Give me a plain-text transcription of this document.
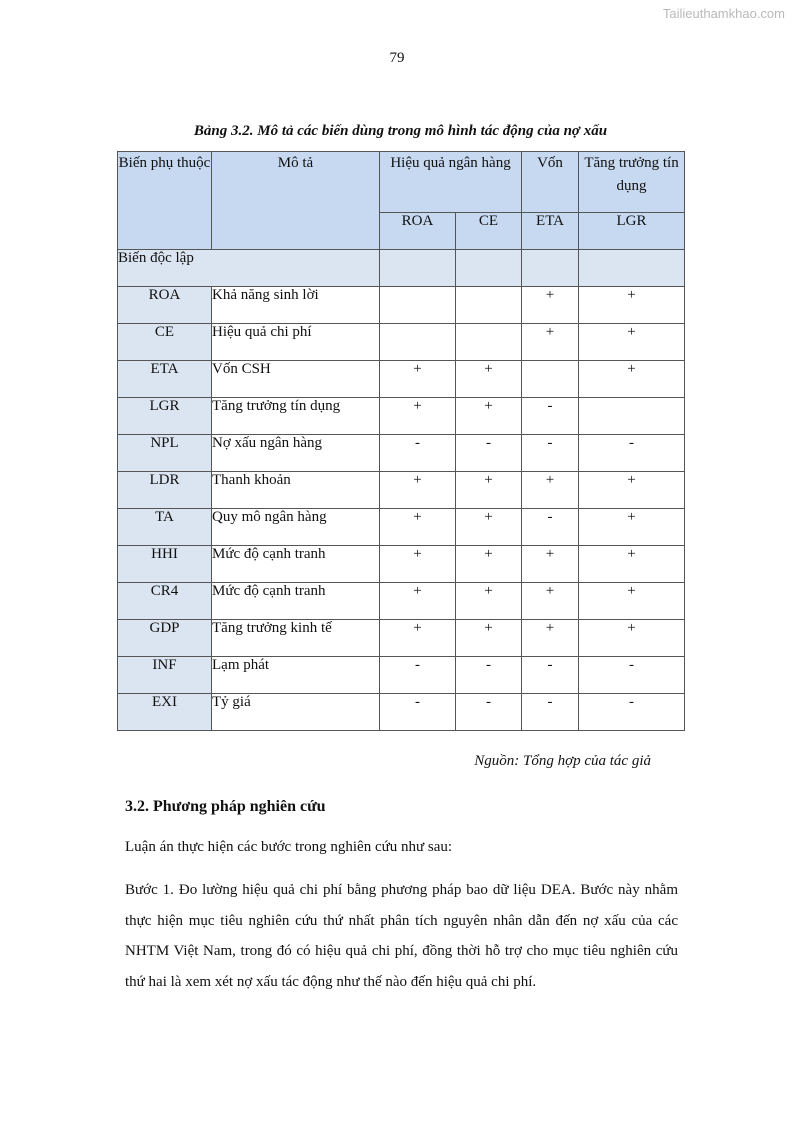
Tailieuthamkhao.com
79
Bảng 3.2. Mô tả các biến dùng trong mô hình tác động của nợ xấu
Biến phụ thuộc	Mô tả	Hiệu quả ngân hàng		Vốn	Tăng trưởng tín dụng
		ROA	CE	ETA	LGR
Biến độc lập					
ROA	Khả năng sinh lời			+	+
CE	Hiệu quả chi phí			+	+
ETA	Vốn CSH	+	+		+
LGR	Tăng trưởng tín dụng	+	+	-	
NPL	Nợ xấu ngân hàng	-	-	-	-
LDR	Thanh khoản	+	+	+	+
TA	Quy mô ngân hàng	+	+	-	+
HHI	Mức độ cạnh tranh	+	+	+	+
CR4	Mức độ cạnh tranh	+	+	+	+
GDP	Tăng trưởng kinh tế	+	+	+	+
INF	Lạm phát	-	-	-	-
EXI	Tỷ giá	-	-	-	-
Nguồn: Tổng hợp của tác giả
3.2. Phương pháp nghiên cứu

Luận án thực hiện các bước trong nghiên cứu như sau:

Bước 1. Đo lường hiệu quả chi phí bằng phương pháp bao dữ liệu DEA. Bước này nhằm thực hiện mục tiêu nghiên cứu thứ nhất phân tích nguyên nhân dẫn đến nợ xấu của các NHTM Việt Nam, trong đó có hiệu quả chi phí, đồng thời hỗ trợ cho mục tiêu nghiên cứu thứ hai là xem xét nợ xấu tác động như thế nào đến hiệu quả chi phí.
